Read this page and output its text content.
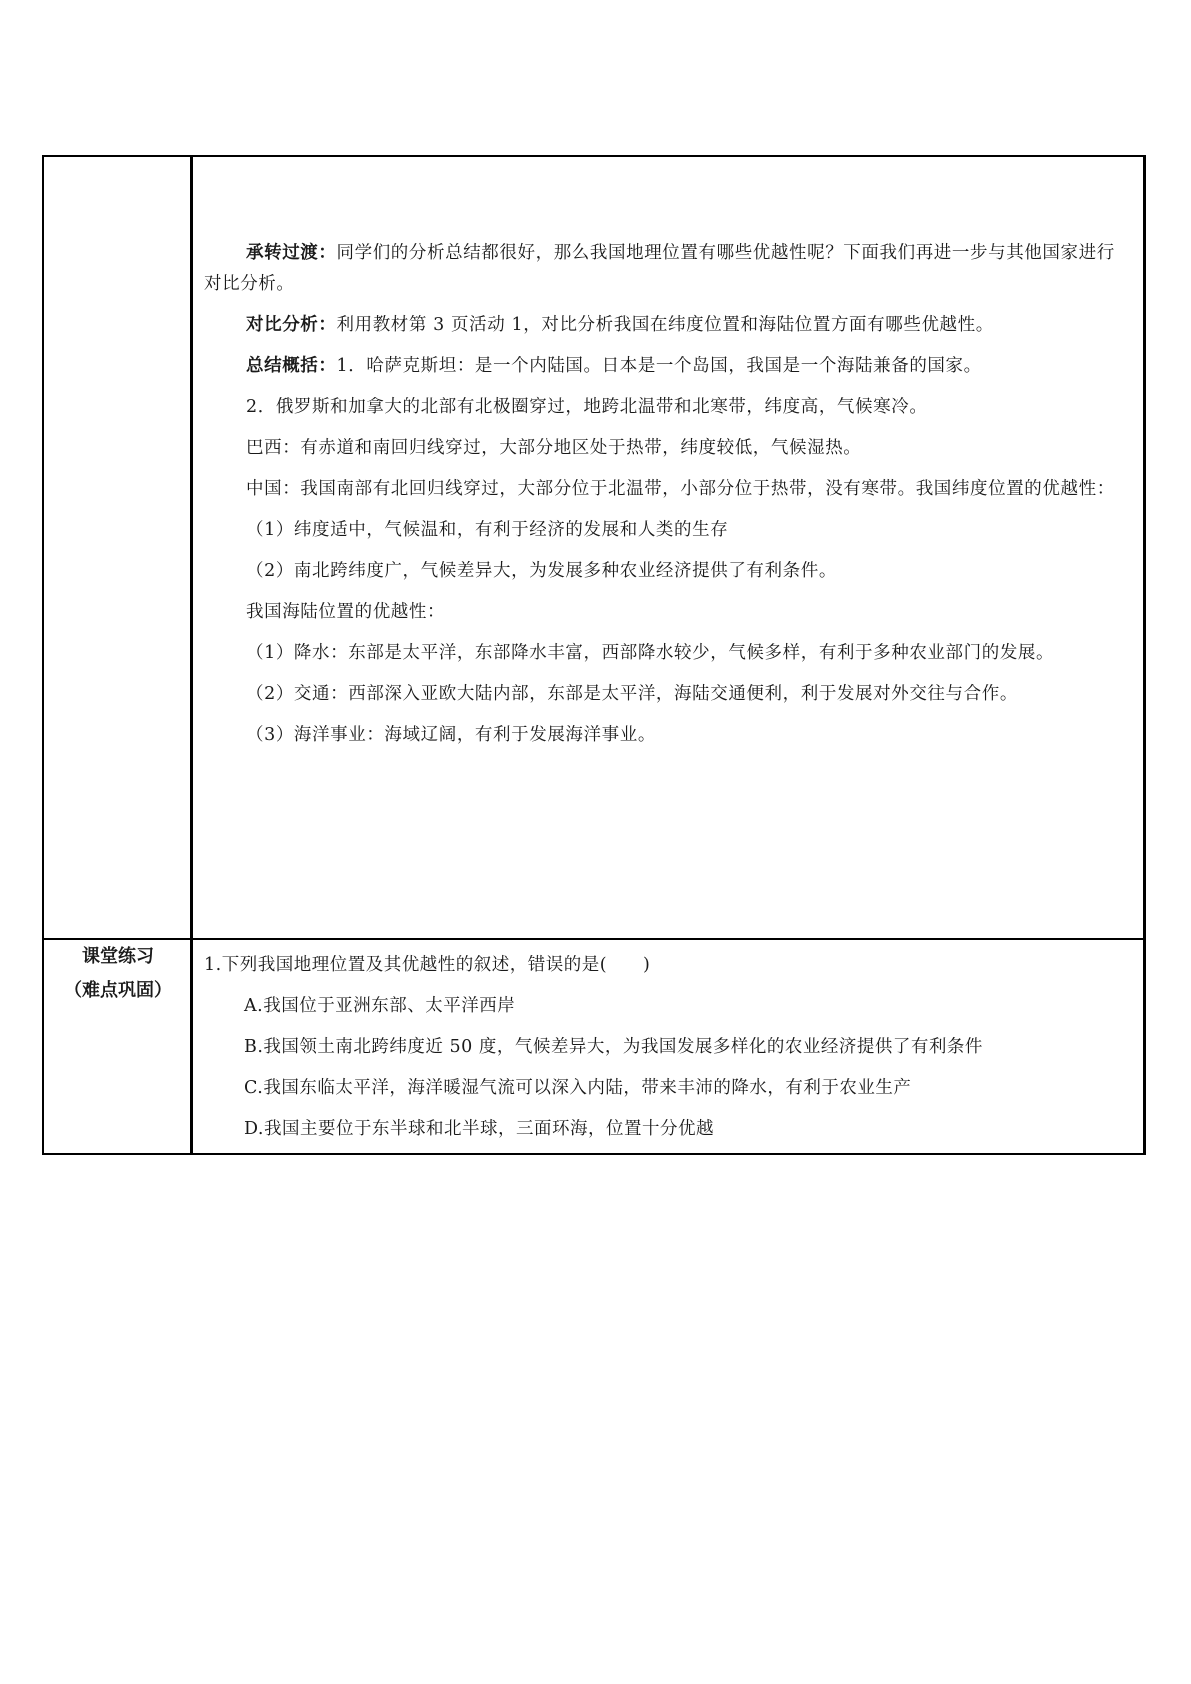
承转过渡：同学们的分析总结都很好，那么我国地理位置有哪些优越性呢？下面我们再进一步与其他国家进行对比分析。

对比分析：利用教材第 3 页活动 1，对比分析我国在纬度位置和海陆位置方面有哪些优越性。

总结概括：1．哈萨克斯坦：是一个内陆国。日本是一个岛国，我国是一个海陆兼备的国家。

2．俄罗斯和加拿大的北部有北极圈穿过，地跨北温带和北寒带，纬度高，气候寒冷。

巴西：有赤道和南回归线穿过，大部分地区处于热带，纬度较低，气候湿热。

中国：我国南部有北回归线穿过，大部分位于北温带，小部分位于热带，没有寒带。我国纬度位置的优越性：

（1）纬度适中，气候温和，有利于经济的发展和人类的生存

（2）南北跨纬度广，气候差异大，为发展多种农业经济提供了有利条件。

我国海陆位置的优越性：

（1）降水：东部是太平洋，东部降水丰富，西部降水较少，气候多样，有利于多种农业部门的发展。

（2）交通：西部深入亚欧大陆内部，东部是太平洋，海陆交通便利，利于发展对外交往与合作。

（3）海洋事业：海域辽阔，有利于发展海洋事业。

课堂练习
（难点巩固）

1.下列我国地理位置及其优越性的叙述，错误的是(　　)

A.我国位于亚洲东部、太平洋西岸

B.我国领土南北跨纬度近 50 度，气候差异大，为我国发展多样化的农业经济提供了有利条件

C.我国东临太平洋，海洋暖湿气流可以深入内陆，带来丰沛的降水，有利于农业生产

D.我国主要位于东半球和北半球，三面环海，位置十分优越
